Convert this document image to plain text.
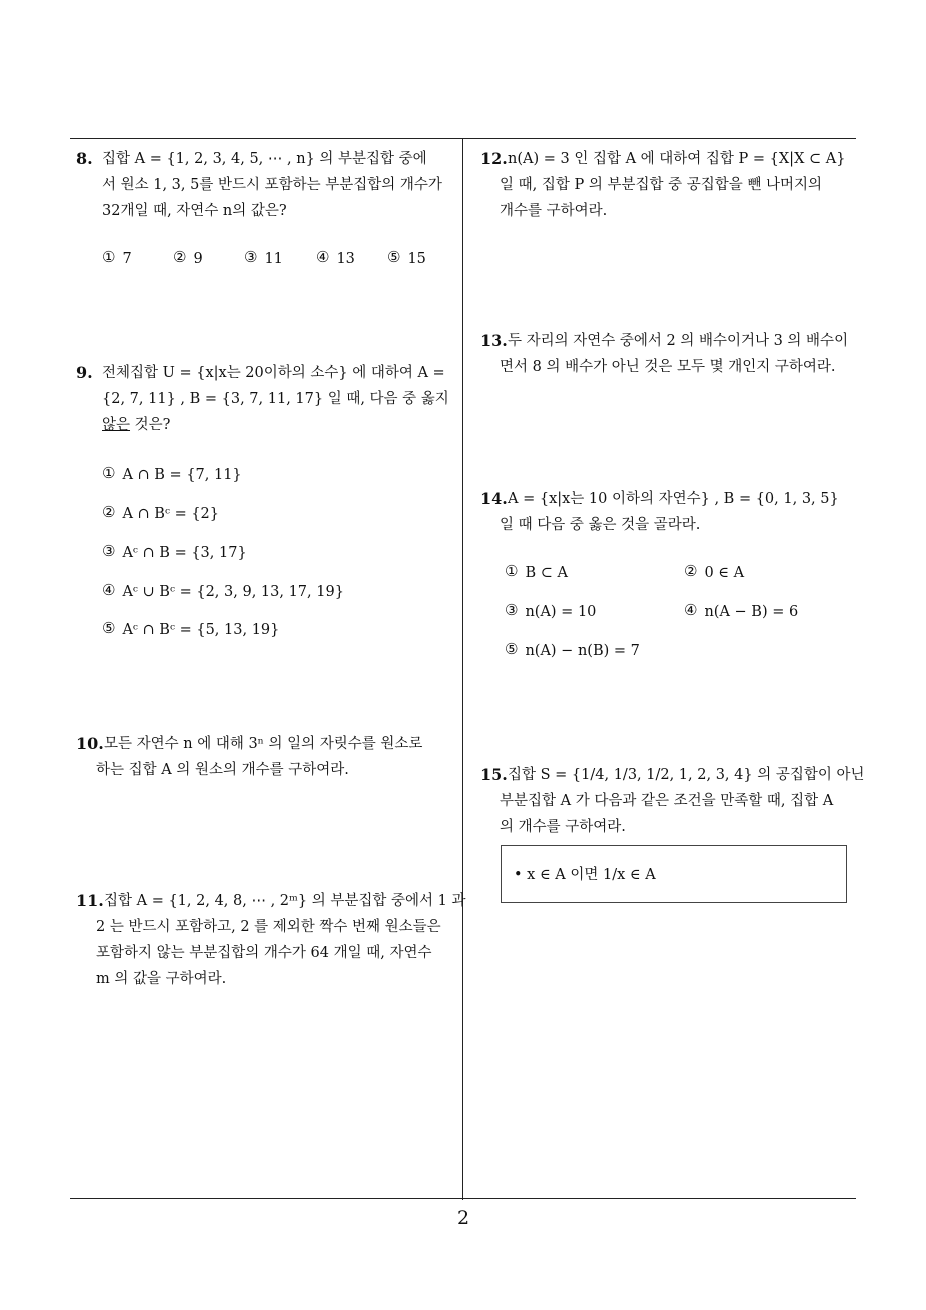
8. 집합 A = {1, 2, 3, 4, 5, ⋯ , n} 의 부분집합 중에
서 원소 1, 3, 5를 반드시 포함하는 부분집합의 개수가
32개일 때, 자연수 n의 값은?
① 7	② 9	③ 11 ④ 13 ⑤ 15
9. 전체집합 U = {x|x는 20이하의 소수} 에 대하여 A =
{2, 7, 11} , B = {3, 7, 11, 17} 일 때, 다음 중 옳지
않은 것은?
① A ∩ B = {7, 11}
② A ∩ Bᶜ = {2}
③ Aᶜ ∩ B = {3, 17}
④ Aᶜ ∪ Bᶜ = {2, 3, 9, 13, 17, 19}
⑤ Aᶜ ∩ Bᶜ = {5, 13, 19}
10. 모든 자연수 n 에 대해 3ⁿ 의 일의 자릿수를 원소로
하는 집합 A 의 원소의 개수를 구하여라.
11. 집합 A = {1, 2, 4, 8, ⋯ , 2ᵐ} 의 부분집합 중에서 1 과
2 는 반드시 포함하고, 2 를 제외한 짝수 번째 원소들은
포함하지 않는 부분집합의 개수가 64 개일 때, 자연수
m 의 값을 구하여라.
12. n(A) = 3 인 집합 A 에 대하여 집합 P = {X|X ⊂ A}
일 때, 집합 P 의 부분집합 중 공집합을 뺀 나머지의
개수를 구하여라.
13. 두 자리의 자연수 중에서 2 의 배수이거나 3 의 배수이
면서 8 의 배수가 아닌 것은 모두 몇 개인지 구하여라.
14. A = {x|x는 10 이하의 자연수} , B = {0, 1, 3, 5}
일 때 다음 중 옳은 것을 골라라.
① B ⊂ A	② 0 ∈ A
③ n(A) = 10	④ n(A − B) = 6
⑤ n(A) − n(B) = 7
15. 집합 S = {1/4, 1/3, 1/2, 1, 2, 3, 4} 의 공집합이 아닌
부분집합 A 가 다음과 같은 조건을 만족할 때, 집합 A
의 개수를 구하여라.
• x ∈ A 이면 1/x ∈ A
2
